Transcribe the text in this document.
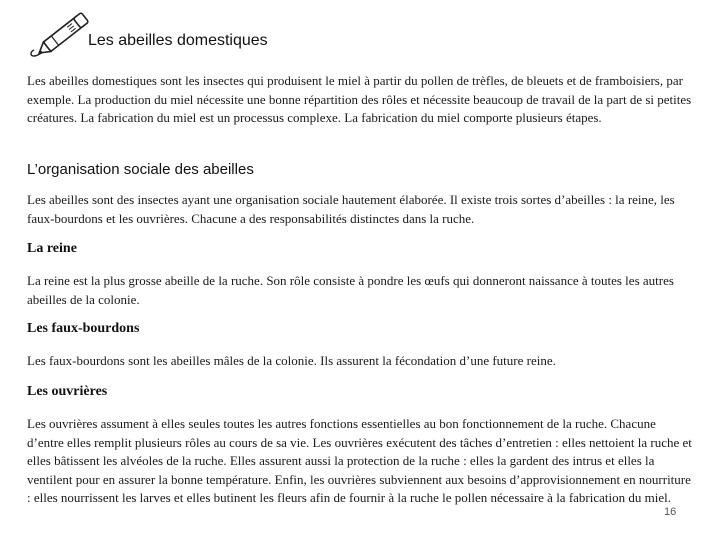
Les abeilles domestiques

Les abeilles domestiques sont les insectes qui produisent le miel à partir du pollen de trèfles, de bleuets et de framboisiers, par exemple. La production du miel nécessite une bonne répartition des rôles et nécessite beaucoup de travail de la part de si petites créatures. La fabrication du miel est un processus complexe. La fabrication du miel comporte plusieurs étapes.

L’organisation sociale des abeilles

Les abeilles sont des insectes ayant une organisation sociale hautement élaborée. Il existe trois sortes d’abeilles : la reine, les faux-bourdons et les ouvrières. Chacune a des responsabilités distinctes dans la ruche.

La reine

La reine est la plus grosse abeille de la ruche. Son rôle consiste à pondre les œufs qui donneront naissance à toutes les autres abeilles de la colonie.

Les faux-bourdons

Les faux-bourdons sont les abeilles mâles de la colonie. Ils assurent la fécondation d’une future reine.

Les ouvrières

Les ouvrières assument à elles seules toutes les autres fonctions essentielles au bon fonctionnement de la ruche. Chacune d’entre elles remplit plusieurs rôles au cours de sa vie. Les ouvrières exécutent des tâches d’entretien : elles nettoient la ruche et elles bâtissent les alvéoles de la ruche. Elles assurent aussi la protection de la ruche : elles la gardent des intrus et elles la ventilent pour en assurer la bonne température. Enfin, les ouvrières subviennent aux besoins d’approvisionnement en nourriture : elles nourrissent les larves et elles butinent les fleurs afin de fournir à la ruche le pollen nécessaire à la fabrication du miel.

16
